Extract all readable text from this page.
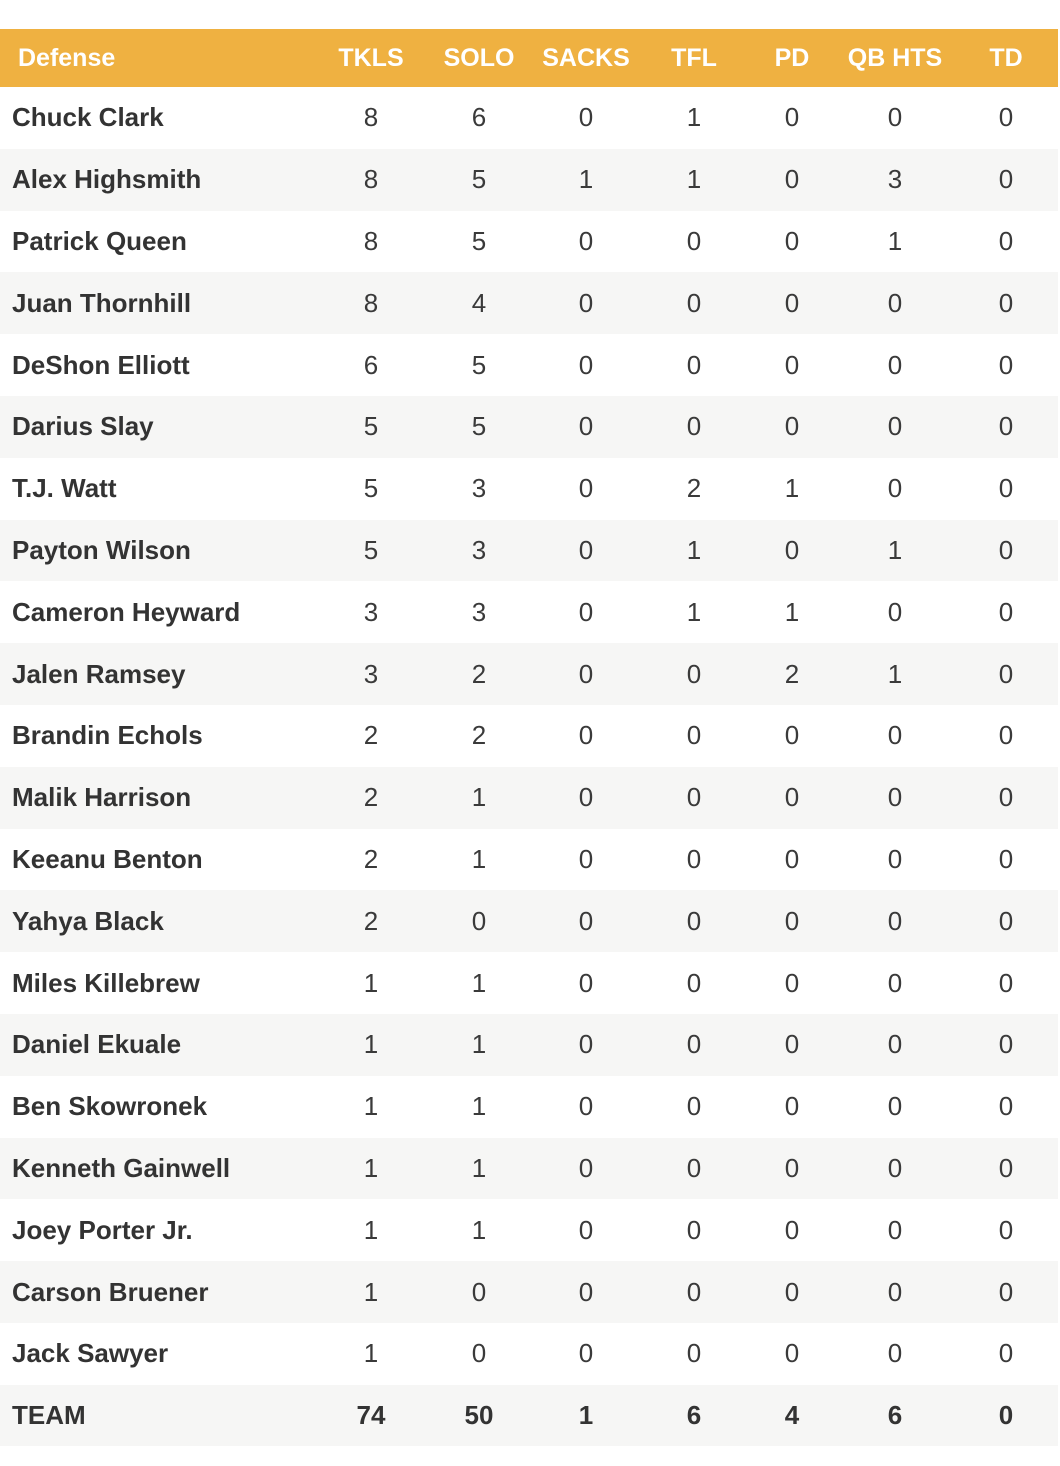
Defense	TKLS	SOLO	SACKS	TFL	PD	QB HTS	TD
Chuck Clark	8	6	0	1	0	0	0
Alex Highsmith	8	5	1	1	0	3	0
Patrick Queen	8	5	0	0	0	1	0
Juan Thornhill	8	4	0	0	0	0	0
DeShon Elliott	6	5	0	0	0	0	0
Darius Slay	5	5	0	0	0	0	0
T.J. Watt	5	3	0	2	1	0	0
Payton Wilson	5	3	0	1	0	1	0
Cameron Heyward	3	3	0	1	1	0	0
Jalen Ramsey	3	2	0	0	2	1	0
Brandin Echols	2	2	0	0	0	0	0
Malik Harrison	2	1	0	0	0	0	0
Keeanu Benton	2	1	0	0	0	0	0
Yahya Black	2	0	0	0	0	0	0
Miles Killebrew	1	1	0	0	0	0	0
Daniel Ekuale	1	1	0	0	0	0	0
Ben Skowronek	1	1	0	0	0	0	0
Kenneth Gainwell	1	1	0	0	0	0	0
Joey Porter Jr.	1	1	0	0	0	0	0
Carson Bruener	1	0	0	0	0	0	0
Jack Sawyer	1	0	0	0	0	0	0
TEAM	74	50	1	6	4	6	0
